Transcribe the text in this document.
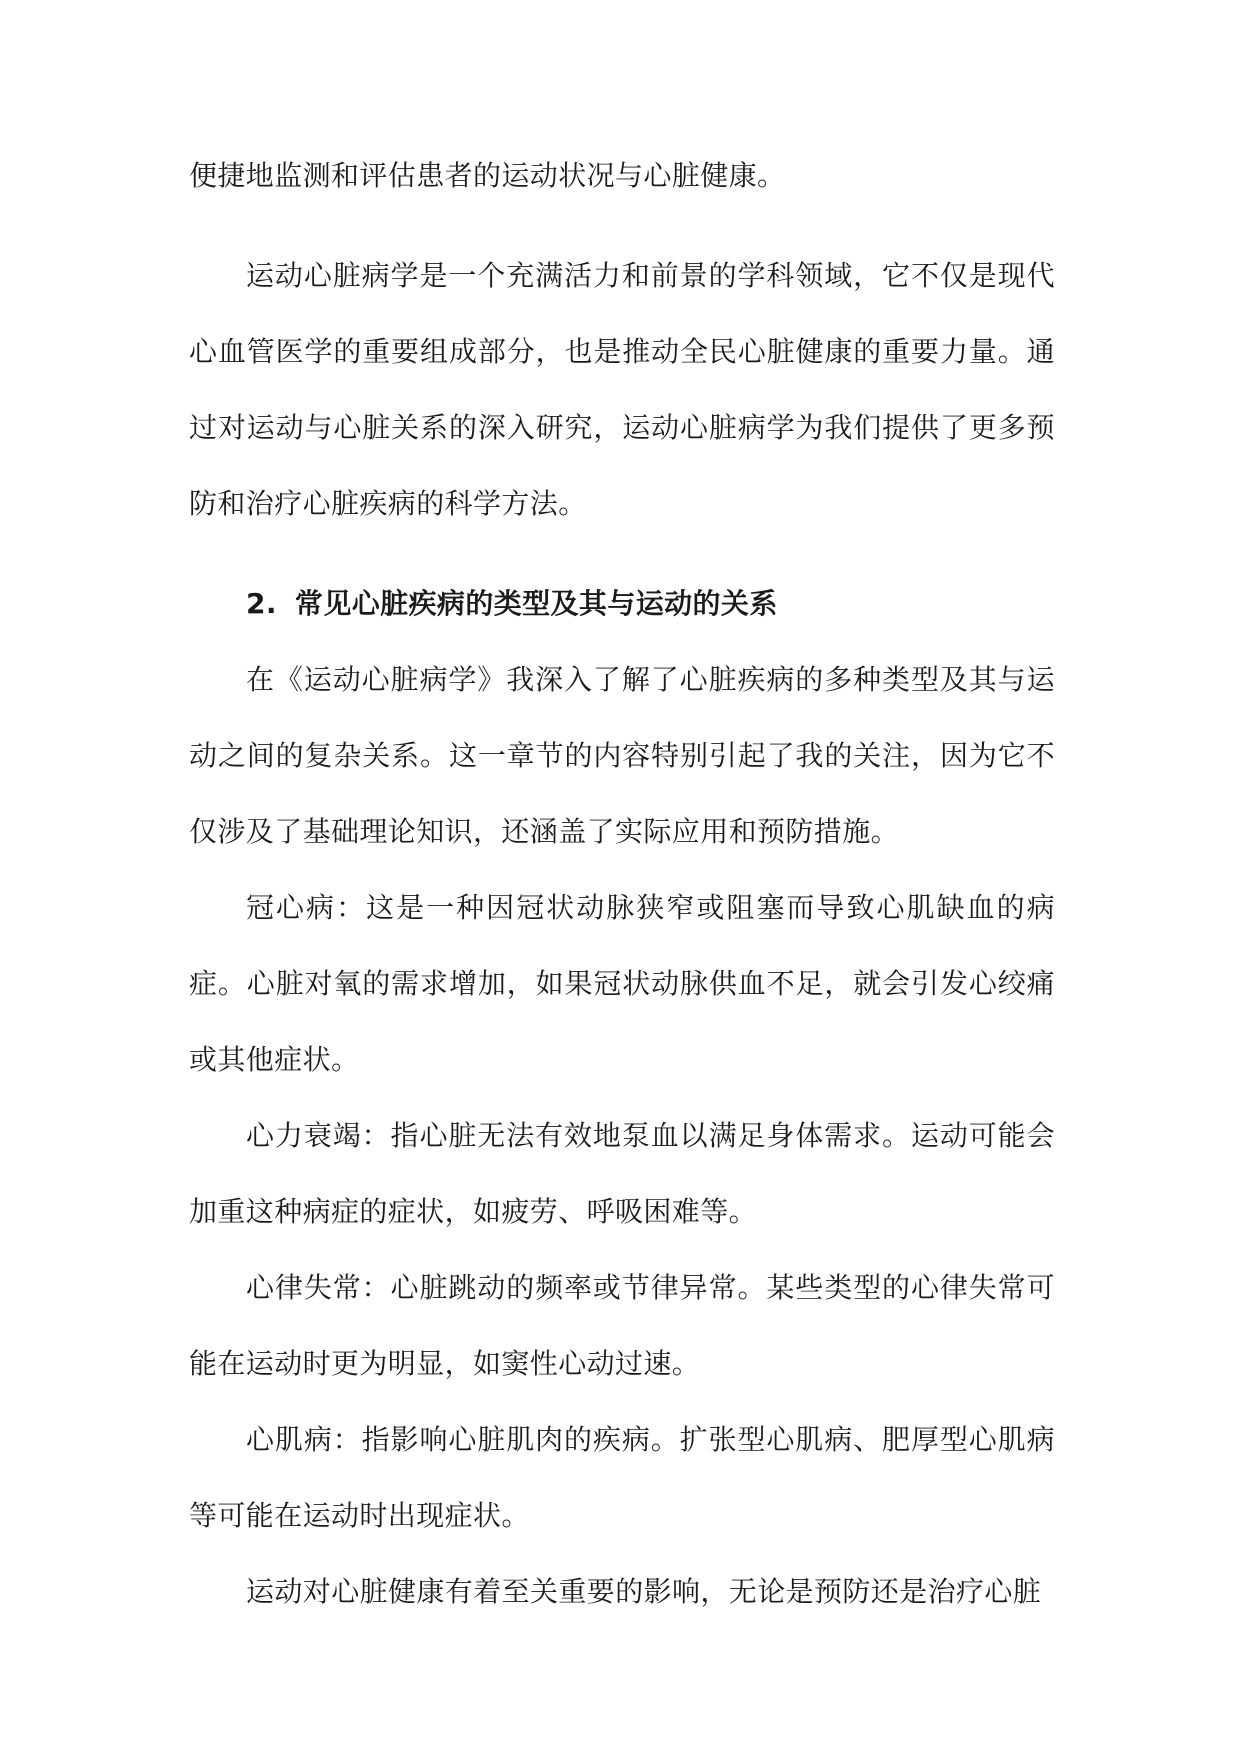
便捷地监测和评估患者的运动状况与心脏健康。

运动心脏病学是一个充满活力和前景的学科领域，它不仅是现代心血管医学的重要组成部分，也是推动全民心脏健康的重要力量。通过对运动与心脏关系的深入研究，运动心脏病学为我们提供了更多预防和治疗心脏疾病的科学方法。

2. 常见心脏疾病的类型及其与运动的关系

在《运动心脏病学》我深入了解了心脏疾病的多种类型及其与运动之间的复杂关系。这一章节的内容特别引起了我的关注，因为它不仅涉及了基础理论知识，还涵盖了实际应用和预防措施。

冠心病：这是一种因冠状动脉狭窄或阻塞而导致心肌缺血的病症。心脏对氧的需求增加，如果冠状动脉供血不足，就会引发心绞痛或其他症状。

心力衰竭：指心脏无法有效地泵血以满足身体需求。运动可能会加重这种病症的症状，如疲劳、呼吸困难等。

心律失常：心脏跳动的频率或节律异常。某些类型的心律失常可能在运动时更为明显，如窦性心动过速。

心肌病：指影响心脏肌肉的疾病。扩张型心肌病、肥厚型心肌病等可能在运动时出现症状。

运动对心脏健康有着至关重要的影响，无论是预防还是治疗心脏
